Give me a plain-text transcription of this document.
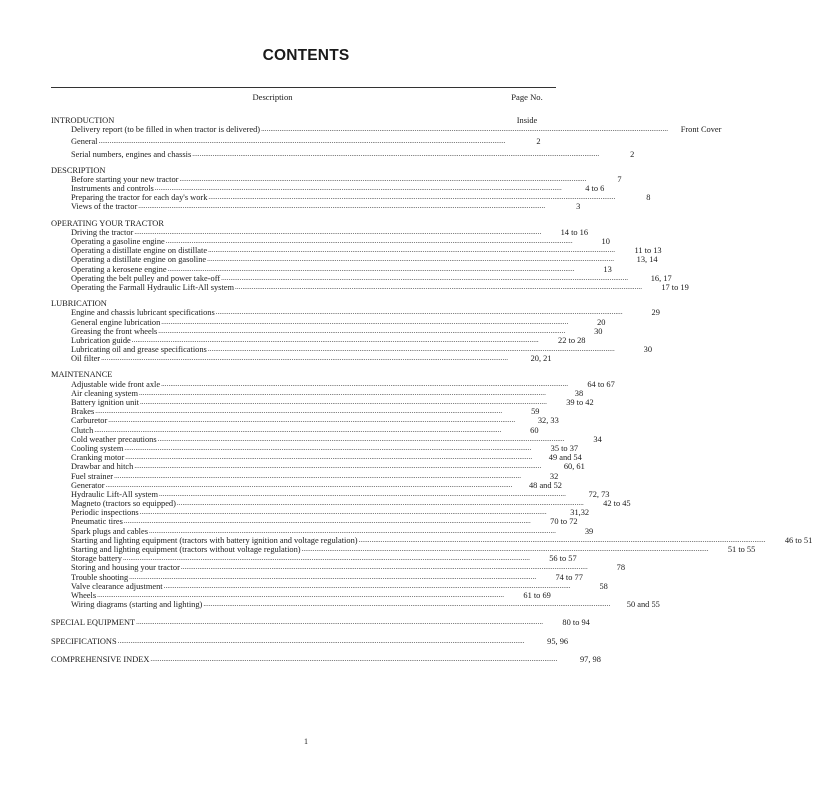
CONTENTS
Description	Page No.
INTRODUCTION	Inside
Delivery report (to be filled in when tractor is delivered) ............................................................................................................................................................................................................................	Front Cover
General ............................................................................................................................................................................................................................	2
Serial numbers, engines and chassis ............................................................................................................................................................................................................................	2
DESCRIPTION
Before starting your new tractor ............................................................................................................................................................................................................................	7
Instruments and controls ............................................................................................................................................................................................................................	4 to 6
Preparing the tractor for each day's work ............................................................................................................................................................................................................................	8
Views of the tractor ............................................................................................................................................................................................................................	3
OPERATING YOUR TRACTOR
Driving the tractor ............................................................................................................................................................................................................................	14 to 16
Operating a gasoline engine ............................................................................................................................................................................................................................	10
Operating a distillate engine on distillate ............................................................................................................................................................................................................................	11 to 13
Operating a distillate engine on gasoline ............................................................................................................................................................................................................................	13, 14
Operating a kerosene engine ............................................................................................................................................................................................................................	13
Operating the belt pulley and power take-off ............................................................................................................................................................................................................................	16, 17
Operating the Farmall Hydraulic Lift-All system ............................................................................................................................................................................................................................	17 to 19
LUBRICATION
Engine and chassis lubricant specifications ............................................................................................................................................................................................................................	29
General engine lubrication ............................................................................................................................................................................................................................	20
Greasing the front wheels ............................................................................................................................................................................................................................	30
Lubrication guide ............................................................................................................................................................................................................................	22 to 28
Lubricating oil and grease specifications ............................................................................................................................................................................................................................	30
Oil filter ............................................................................................................................................................................................................................	20, 21
MAINTENANCE
Adjustable wide front axle ............................................................................................................................................................................................................................	64 to 67
Air cleaning system ............................................................................................................................................................................................................................	38
Battery ignition unit ............................................................................................................................................................................................................................	39 to 42
Brakes ............................................................................................................................................................................................................................	59
Carburetor ............................................................................................................................................................................................................................	32, 33
Clutch ............................................................................................................................................................................................................................	60
Cold weather precautions ............................................................................................................................................................................................................................	34
Cooling system ............................................................................................................................................................................................................................	35 to 37
Cranking motor ............................................................................................................................................................................................................................	49 and 54
Drawbar and hitch ............................................................................................................................................................................................................................	60, 61
Fuel strainer ............................................................................................................................................................................................................................	32
Generator ............................................................................................................................................................................................................................	48 and 52
Hydraulic Lift-All system ............................................................................................................................................................................................................................	72, 73
Magneto (tractors so equipped) ............................................................................................................................................................................................................................	42 to 45
Periodic inspections ............................................................................................................................................................................................................................	31,32
Pneumatic tires ............................................................................................................................................................................................................................	70 to 72
Spark plugs and cables ............................................................................................................................................................................................................................	39
Starting and lighting equipment (tractors with battery ignition and voltage regulation) ............................................................................................................................................................................................................................	46 to 51
Starting and lighting equipment (tractors without voltage regulation) ............................................................................................................................................................................................................................	51 to 55
Storage battery ............................................................................................................................................................................................................................	56 to 57
Storing and housing your tractor ............................................................................................................................................................................................................................	78
Trouble shooting ............................................................................................................................................................................................................................	74 to 77
Valve clearance adjustment ............................................................................................................................................................................................................................	58
Wheels ............................................................................................................................................................................................................................	61 to 69
Wiring diagrams (starting and lighting) ............................................................................................................................................................................................................................	50 and 55
SPECIAL EQUIPMENT ............................................................................................................................................................................................................................	80 to 94
SPECIFICATIONS ............................................................................................................................................................................................................................	95, 96
COMPREHENSIVE INDEX ............................................................................................................................................................................................................................	97, 98
1
